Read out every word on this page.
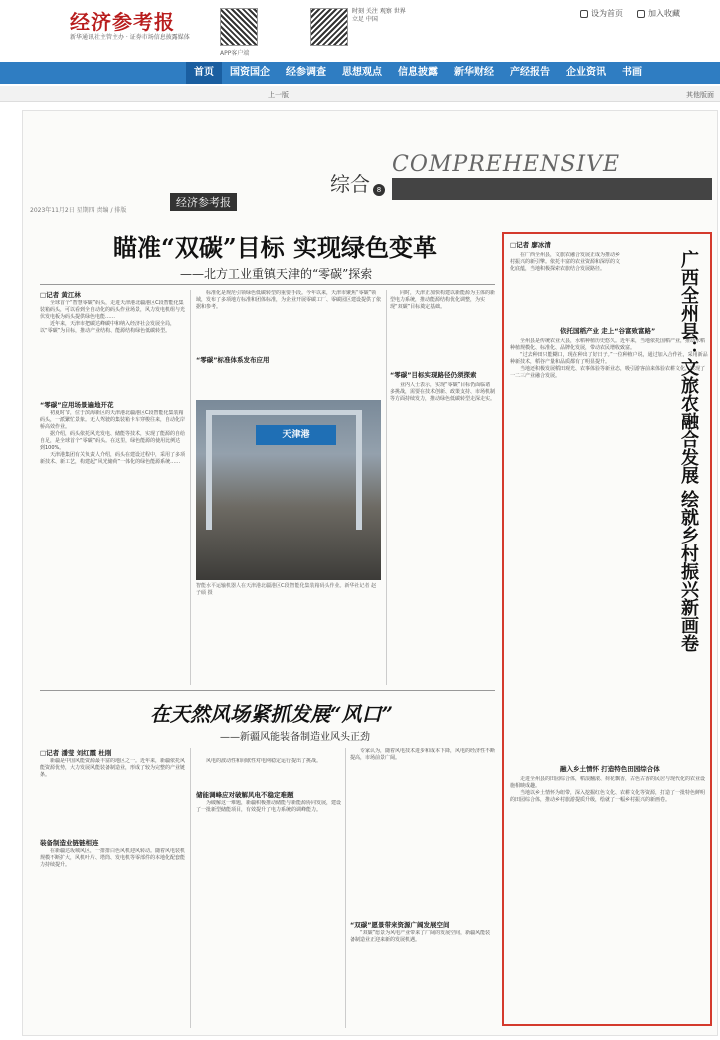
经济参考报
新华通讯社主管主办 · 证券市场信息披露媒体
APP客户端
时刻 关注 观察 世界 立足 中国
设为首页	加入收藏
首页	国资国企	经参调查	思想观点	信息披露	新华财经	产经报告	企业资讯	书画
上一版	其他版面
综合 8
COMPREHENSIVE
经济参考报
2023年11月2日 星期四 责编 / 排版
瞄准“双碳”目标 实现绿色变革
——北方工业重镇天津的“零碳”探索
□记者 黄江林

全球首个“智慧零碳”码头，走进天津港北疆港区C段智能化集装箱码头，可以看到全自动化的码头作业场景，风力发电机组与光伏发电板为码头提供绿色电能……

近年来，天津市把碳达峰碳中和纳入经济社会发展全局，以“零碳”为目标，推动产业结构、能源结构绿色低碳转型。

“零碳”应用场景遍地开花

初夏时节，位于滨海新区的天津港北疆港区C段智能化集装箱码头，一派繁忙景象。无人驾驶的集装箱卡车穿梭往来，自动化岸桥高效作业。

据介绍，码头依托风光发电、储能等技术，实现了能源的自给自足，是全球首个“零碳”码头。在这里，绿色能源的使用比例达到100%。

天津港集团有关负责人介绍，码头在建设过程中，采用了多项新技术、新工艺，构建起“风光储荷”一体化的绿色能源系统……

标准化是规范引领绿色低碳转型的重要手段。今年以来，天津市聚焦“零碳”领域，发布了多项地方标准和团体标准，为企业开展零碳工厂、零碳园区建设提供了依据和参考。

“零碳”标准体系发布应用
天津港
智能水平运输机器人在天津港北疆港区C段智能化集装箱码头作业。新华社记者 赵子硕 摄
“零碳”目标实现路径仍须探索

同时，天津正加快构建以新能源为主体的新型电力系统，推动能源结构优化调整，为实现“双碳”目标奠定基础。

业内人士表示，实现“零碳”目标仍面临诸多挑战，需要在技术创新、政策支持、市场机制等方面持续发力，推动绿色低碳转型走深走实。

在天然风场紧抓发展“风口”
——新疆风能装备制造业风头正劲
□记者 潘莹 刘红霞 杜刚
装备制造业链链相连
储能调峰应对破解风电不稳定难题
“双碳”愿景带来资源广阔发展空间

新疆是中国风能资源最丰富的地区之一。近年来，新疆依托风能资源优势，大力发展风能装备制造业，形成了较为完整的产业链条。

在新疆达坂城风区，一排排白色风机迎风转动。随着风电装机规模不断扩大，风机叶片、塔筒、发电机等零部件的本地化配套能力持续提升。

风电的波动性和间歇性对电网稳定运行提出了挑战。

为破解这一难题，新疆积极推动储能与新能源协同发展，建设了一批新型储能项目，有效提升了电力系统的调峰能力。

专家认为，随着风电技术进步和成本下降，风电的经济性不断提高，市场前景广阔。

“双碳”愿景为风电产业带来了广阔的发展空间，新疆风能装备制造业正迎来新的发展机遇。

□记者 廖冰清
广西全州县：文旅农融合发展 绘就乡村振兴新画卷

在广西全州县，文旅农融合发展正成为推动乡村振兴的新引擎。依托丰富的农业资源和深厚的文化底蕴，当地积极探索农旅结合发展路径。

依托国稻产业 走上“谷富致富路”

全州县是传统农业大县，水稻种植历史悠久。近年来，当地依托国稻产业，推动水稻种植规模化、标准化、品牌化发展，带动农民增收致富。

“过去种田只能糊口，现在种出了好日子。”一位种植户说，通过加入合作社，采用新品种新技术，稻谷产量和品质都有了明显提升。

当地还积极发展稻田观光、农事体验等新业态，吸引游客前来体验农耕文化，实现了一二三产业融合发展。

融入乡土情怀 打造特色田园综合体

走进全州县的田园综合体，稻浪翻滚、荷花飘香，古色古香的民居与现代化的农业设施相映成趣。

当地以乡土情怀为纽带，深入挖掘红色文化、农耕文化等资源，打造了一批特色鲜明的田园综合体，推动乡村旅游提质升级，绘就了一幅乡村振兴的新画卷。
